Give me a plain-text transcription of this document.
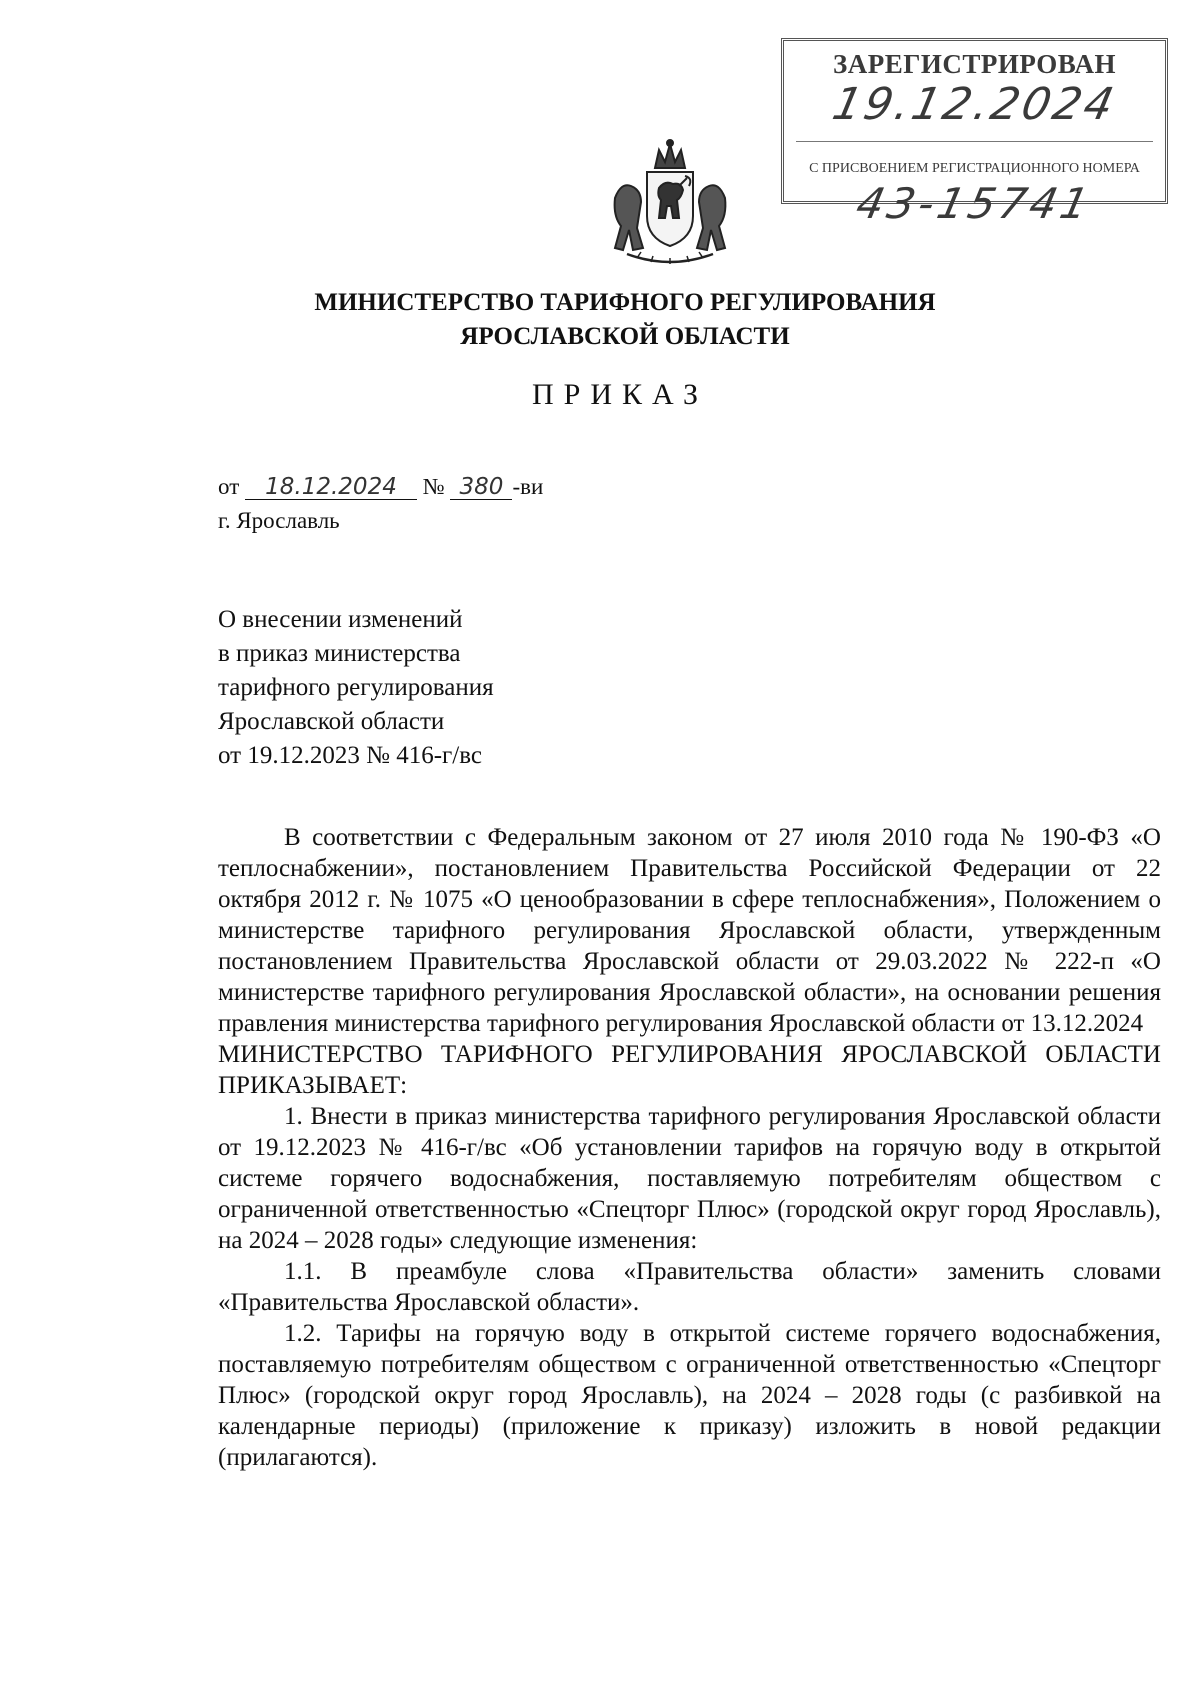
ЗАРЕГИСТРИРОВАН
19.12.2024
С ПРИСВОЕНИЕМ РЕГИСТРАЦИОННОГО НОМЕРА
43-15741
МИНИСТЕРСТВО ТАРИФНОГО РЕГУЛИРОВАНИЯ
ЯРОСЛАВСКОЙ ОБЛАСТИ
ПРИКАЗ
от 18.12.2024 № 380 -ви
г. Ярославль
О внесении изменений
в приказ министерства
тарифного регулирования
Ярославской области
от 19.12.2023 № 416-г/вс

В соответствии с Федеральным законом от 27 июля 2010 года № 190-ФЗ «О теплоснабжении», постановлением Правительства Российской Федерации от 22 октября 2012 г. № 1075 «О ценообразовании в сфере теплоснабжения», Положением о министерстве тарифного регулирования Ярославской области, утвержденным постановлением Правительства Ярославской области от 29.03.2022 № 222-п «О министерстве тарифного регулирования Ярославской области», на основании решения правления министерства тарифного регулирования Ярославской области от 13.12.2024

МИНИСТЕРСТВО ТАРИФНОГО РЕГУЛИРОВАНИЯ ЯРОСЛАВСКОЙ ОБЛАСТИ ПРИКАЗЫВАЕТ:

1. Внести в приказ министерства тарифного регулирования Ярославской области от 19.12.2023 № 416-г/вс «Об установлении тарифов на горячую воду в открытой системе горячего водоснабжения, поставляемую потребителям обществом с ограниченной ответственностью «Спецторг Плюс» (городской округ город Ярославль), на 2024 – 2028 годы» следующие изменения:

1.1. В преамбуле слова «Правительства области» заменить словами «Правительства Ярославской области».

1.2. Тарифы на горячую воду в открытой системе горячего водоснабжения, поставляемую потребителям обществом с ограниченной ответственностью «Спецторг Плюс» (городской округ город Ярославль), на 2024 – 2028 годы (с разбивкой на календарные периоды) (приложение к приказу) изложить в новой редакции (прилагаются).
